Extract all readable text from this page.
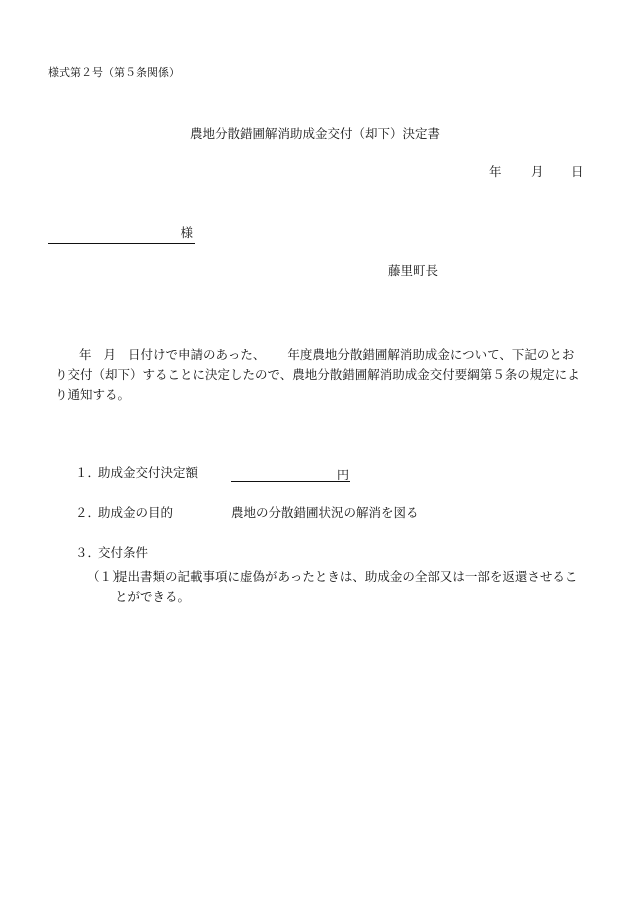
様式第２号（第５条関係）
農地分散錯圃解消助成金交付（却下）決定書
年 月 日
様
藤里町長
年 月 日付けで申請のあった、 年度農地分散錯圃解消助成金について、下記のとおり交付（却下）することに決定したので、農地分散錯圃解消助成金交付要綱第５条の規定により通知する。
１．
助成金交付決定額	円
２．
助成金の目的	農地の分散錯圃状況の解消を図る
３．
交付条件
（１）
提出書類の記載事項に虚偽があったときは、助成金の全部又は一部を返還させることができる。
